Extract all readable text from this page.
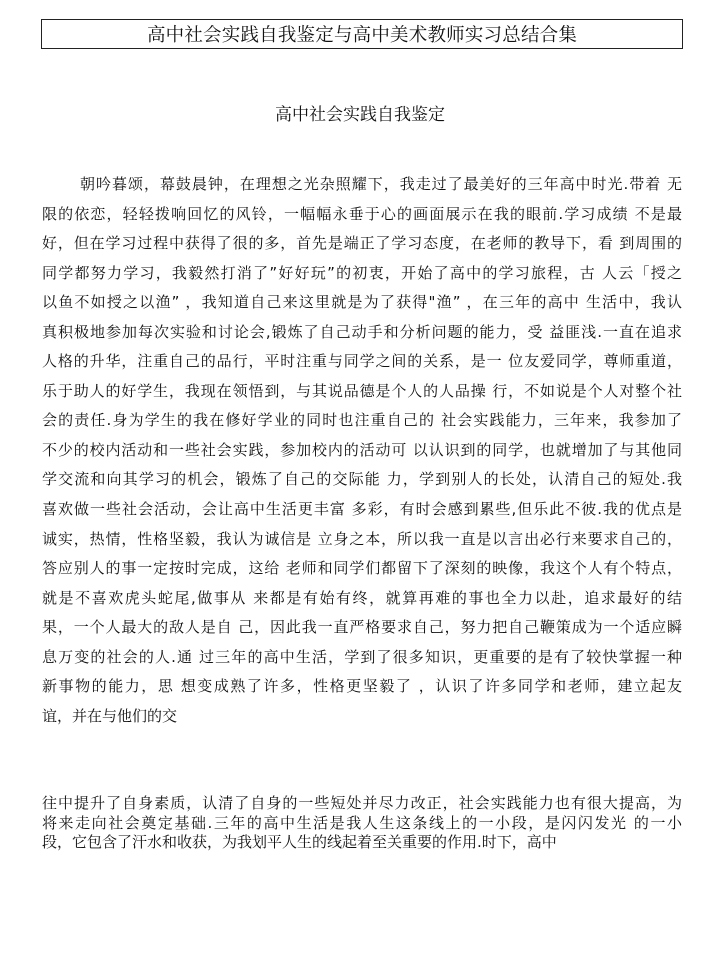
高中社会实践自我鉴定与高中美术教师实习总结合集
高中社会实践自我鉴定
朝吟暮颂，幕鼓晨钟，在理想之光杂照耀下，我走过了最美好的三年高中时光.带着 无
限的依恋，轻轻拨响回忆的风铃，一幅幅永垂于心的画面展示在我的眼前.学习成绩 不是最
好，但在学习过程中获得了很的多，首先是端正了学习态度，在老师的教导下，看 到周围的
同学都努力学习，我毅然打消了”好好玩”的初衷，开始了高中的学习旅程，古 人云「授之
以鱼不如授之以渔” ，我知道自己来这里就是为了获得"渔” ，在三年的高中 生活中，我认
真积极地参加每次实验和讨论会,锻炼了自己动手和分析问题的能力，受 益匪浅.一直在追求
人格的升华，注重自己的品行，平时注重与同学之间的关系，是一 位友爱同学，尊师重道，
乐于助人的好学生，我现在领悟到，与其说品德是个人的人品操 行，不如说是个人对整个社
会的责任.身为学生的我在修好学业的同时也注重自己的 社会实践能力，三年来，我参加了
不少的校内活动和一些社会实践，参加校内的活动可 以认识到的同学，也就增加了与其他同
学交流和向其学习的机会，锻炼了自己的交际能 力，学到别人的长处，认清自己的短处.我
喜欢做一些社会活动，会让高中生活更丰富 多彩，有时会感到累些,但乐此不彼.我的优点是
诚实，热情，性格坚毅，我认为诚信是 立身之本，所以我一直是以言出必行来要求自己的，
答应别人的事一定按时完成，这给 老师和同学们都留下了深刻的映像，我这个人有个特点，
就是不喜欢虎头蛇尾,做事从 来都是有始有终，就算再难的事也全力以赴，追求最好的结
果，一个人最大的敌人是自 己，因此我一直严格要求自己，努力把自己鞭策成为一个适应瞬
息万变的社会的人.通 过三年的高中生活，学到了很多知识，更重要的是有了较快掌握一种
新事物的能力，思 想变成熟了许多，性格更坚毅了 ，认识了许多同学和老师，建立起友
谊，并在与他们的交
往中提升了自身素质，认清了自身的一些短处并尽力改正，社会实践能力也有很大提高，为
将来走向社会奠定基础.三年的高中生活是我人生这条线上的一小段，是闪闪发光 的一小
段，它包含了汗水和收获，为我划平人生的线起着至关重要的作用.时下，高中
